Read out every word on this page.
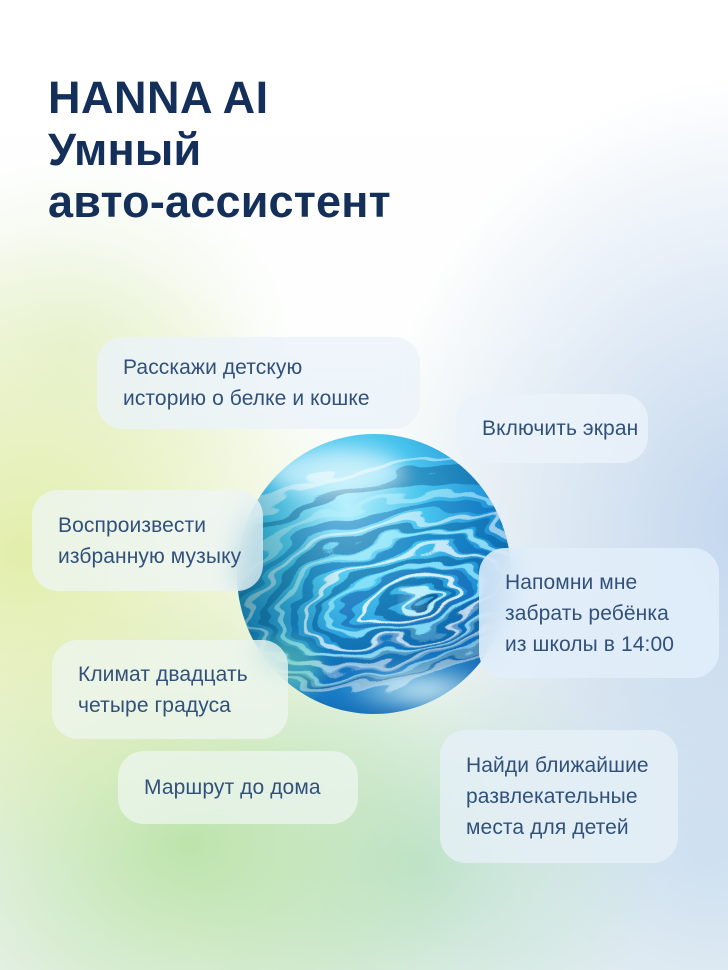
HANNA AI
Умный
авто-ассистент
Расскажи детскую
историю о белке и кошке
Включить экран
Воспроизвести
избранную музыку
Напомни мне
забрать ребёнка
из школы в 14:00
Климат двадцать
четыре градуса
Маршрут до дома
Найди ближайшие
развлекательные
места для детей
